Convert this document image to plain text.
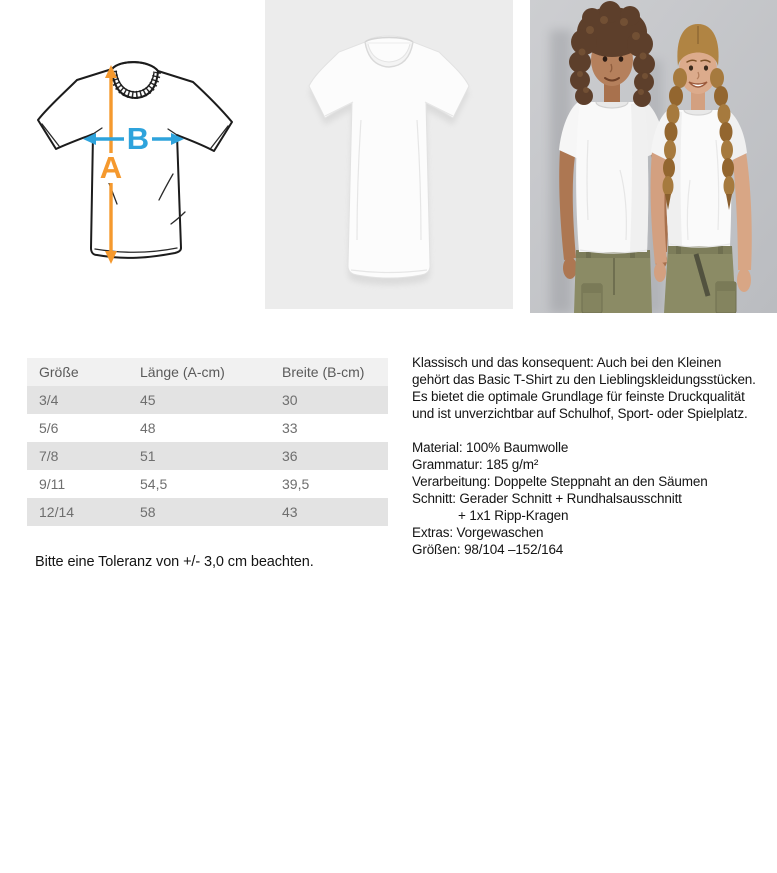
A
B
Größe	Länge (A-cm)	Breite (B-cm)
3/4	45	30
5/6	48	33
7/8	51	36
9/11	54,5	39,5
12/14	58	43

Bitte eine Toleranz von +/- 3,0 cm beachten.

Klassisch und das konsequent: Auch bei den Kleinen
gehört das Basic T-Shirt zu den Lieblingskleidungsstücken.
Es bietet die optimale Grundlage für feinste Druckqualität
und ist unverzichtbar auf Schulhof, Sport- oder Spielplatz.
Material: 100% Baumwolle
Grammatur: 185 g/m²
Verarbeitung: Doppelte Steppnaht an den Säumen
Schnitt: Gerader Schnitt + Rundhalsausschnitt
+ 1x1 Ripp-Kragen
Extras: Vorgewaschen
Größen: 98/104 –152/164
